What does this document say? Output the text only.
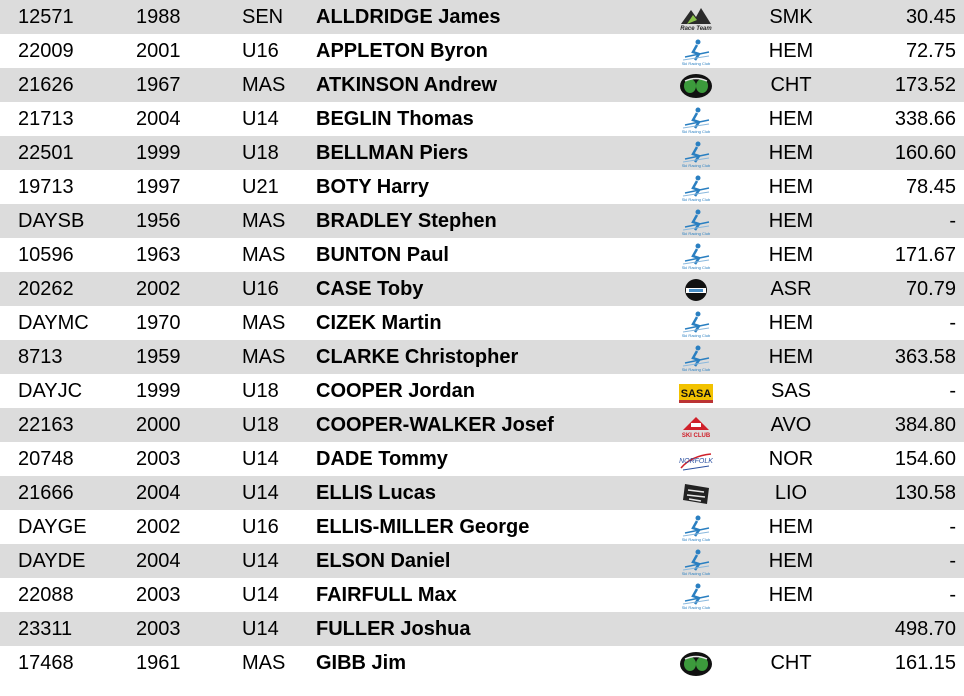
12571	1988	SEN	ALLDRIDGE James	Race Team	SMK	30.45
22009	2001	U16	APPLETON Byron	Ski Racing Club	HEM	72.75
21626	1967	MAS	ATKINSON Andrew		CHT	173.52
21713	2004	U14	BEGLIN Thomas	Ski Racing Club	HEM	338.66
22501	1999	U18	BELLMAN Piers	Ski Racing Club	HEM	160.60
19713	1997	U21	BOTY Harry	Ski Racing Club	HEM	78.45
DAYSB	1956	MAS	BRADLEY Stephen	Ski Racing Club	HEM	-
10596	1963	MAS	BUNTON Paul	Ski Racing Club	HEM	171.67
20262	2002	U16	CASE Toby		ASR	70.79
DAYMC	1970	MAS	CIZEK Martin	Ski Racing Club	HEM	-
8713	1959	MAS	CLARKE Christopher	Ski Racing Club	HEM	363.58
DAYJC	1999	U18	COOPER Jordan	SASA	SAS	-
22163	2000	U18	COOPER-WALKER Josef	SKI CLUB	AVO	384.80
20748	2003	U14	DADE Tommy	NORFOLK	NOR	154.60
21666	2004	U14	ELLIS Lucas		LIO	130.58
DAYGE	2002	U16	ELLIS-MILLER George	Ski Racing Club	HEM	-
DAYDE	2004	U14	ELSON Daniel	Ski Racing Club	HEM	-
22088	2003	U14	FAIRFULL Max	Ski Racing Club	HEM	-
23311	2003	U14	FULLER Joshua			498.70
17468	1961	MAS	GIBB Jim		CHT	161.15
